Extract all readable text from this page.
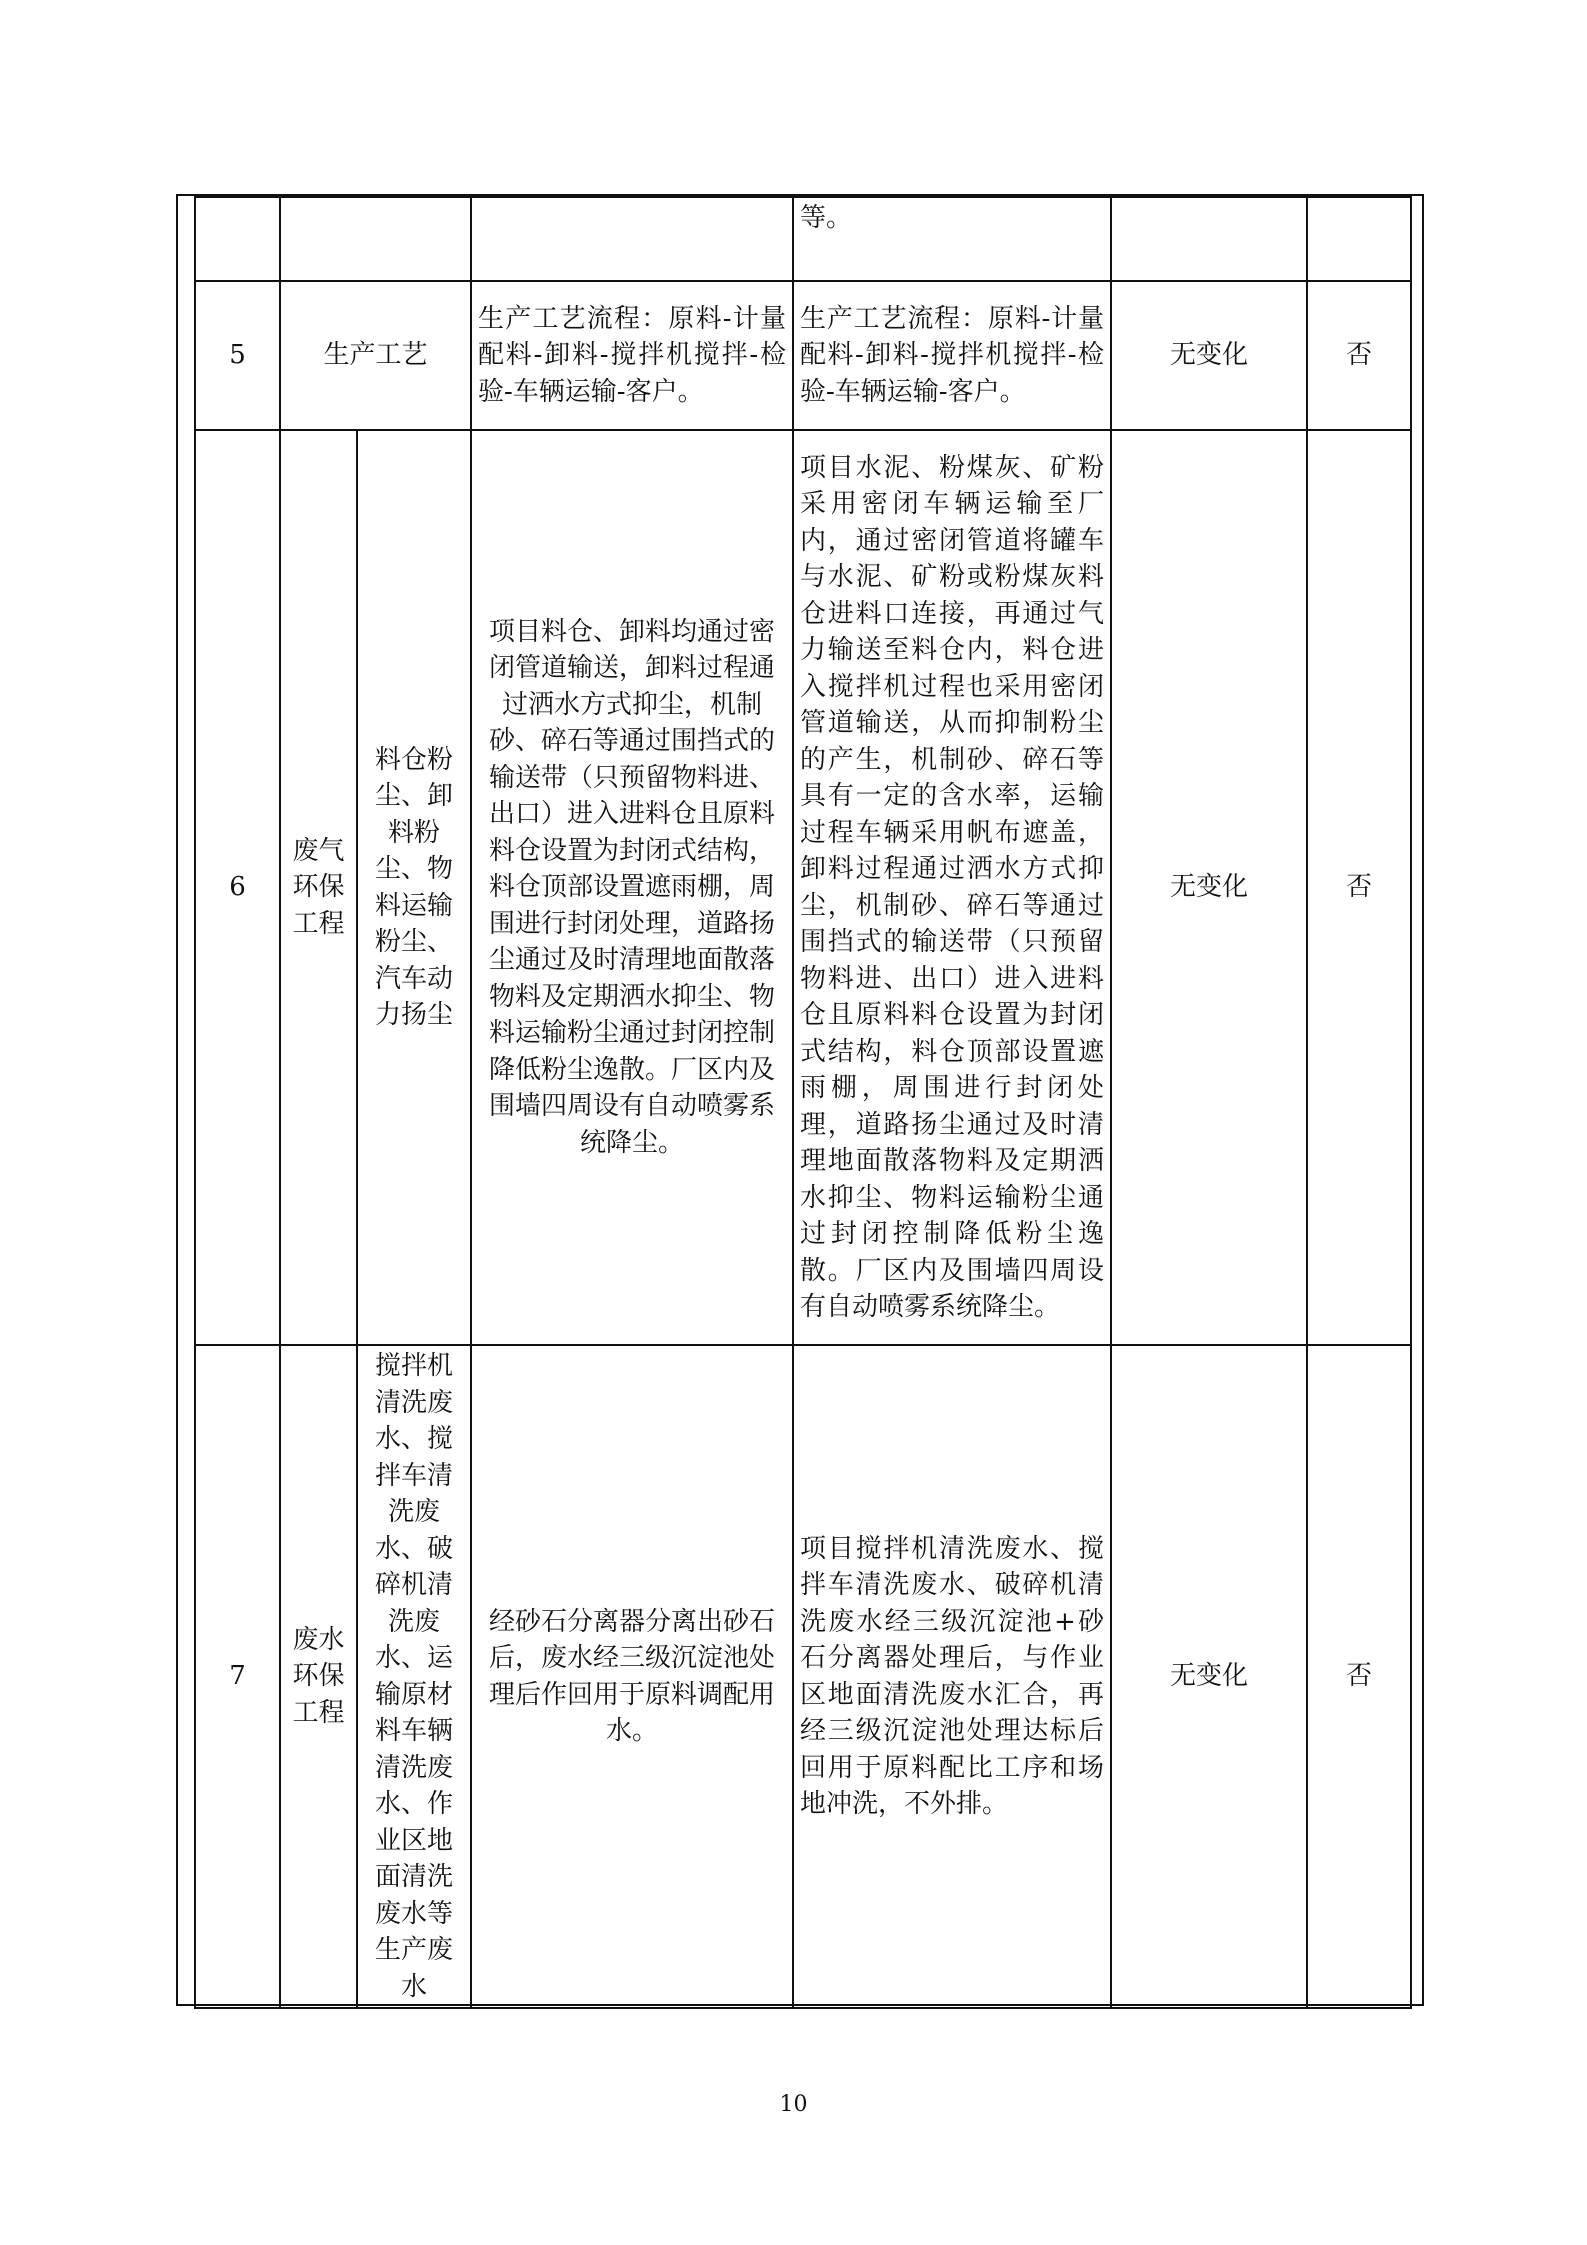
				等。		
5	生产工艺		生产工艺流程：原料-计量配料-卸料-搅拌机搅拌-检验-车辆运输-客户。	生产工艺流程：原料-计量配料-卸料-搅拌机搅拌-检验-车辆运输-客户。	无变化	否
6	废气环保工程	料仓粉尘、卸料粉尘、物料运输粉尘、汽车动力扬尘	项目料仓、卸料均通过密闭管道输送，卸料过程通过洒水方式抑尘，机制砂、碎石等通过围挡式的输送带（只预留物料进、出口）进入进料仓且原料料仓设置为封闭式结构，料仓顶部设置遮雨棚，周围进行封闭处理，道路扬尘通过及时清理地面散落物料及定期洒水抑尘、物料运输粉尘通过封闭控制降低粉尘逸散。厂区内及围墙四周设有自动喷雾系统降尘。	项目水泥、粉煤灰、矿粉采用密闭车辆运输至厂内，通过密闭管道将罐车与水泥、矿粉或粉煤灰料仓进料口连接，再通过气力输送至料仓内，料仓进入搅拌机过程也采用密闭管道输送，从而抑制粉尘的产生，机制砂、碎石等具有一定的含水率，运输过程车辆采用帆布遮盖，卸料过程通过洒水方式抑尘，机制砂、碎石等通过围挡式的输送带（只预留物料进、出口）进入进料仓且原料料仓设置为封闭式结构，料仓顶部设置遮雨棚，周围进行封闭处理，道路扬尘通过及时清理地面散落物料及定期洒水抑尘、物料运输粉尘通过封闭控制降低粉尘逸散。厂区内及围墙四周设有自动喷雾系统降尘。	无变化	否
7	废水环保工程	搅拌机清洗废水、搅拌车清洗废水、破碎机清洗废水、运输原材料车辆清洗废水、作业区地面清洗废水等生产废水	经砂石分离器分离出砂石后，废水经三级沉淀池处理后作回用于原料调配用水。	项目搅拌机清洗废水、搅拌车清洗废水、破碎机清洗废水经三级沉淀池+砂石分离器处理后，与作业区地面清洗废水汇合，再经三级沉淀池处理达标后回用于原料配比工序和场地冲洗，不外排。	无变化	否
10
